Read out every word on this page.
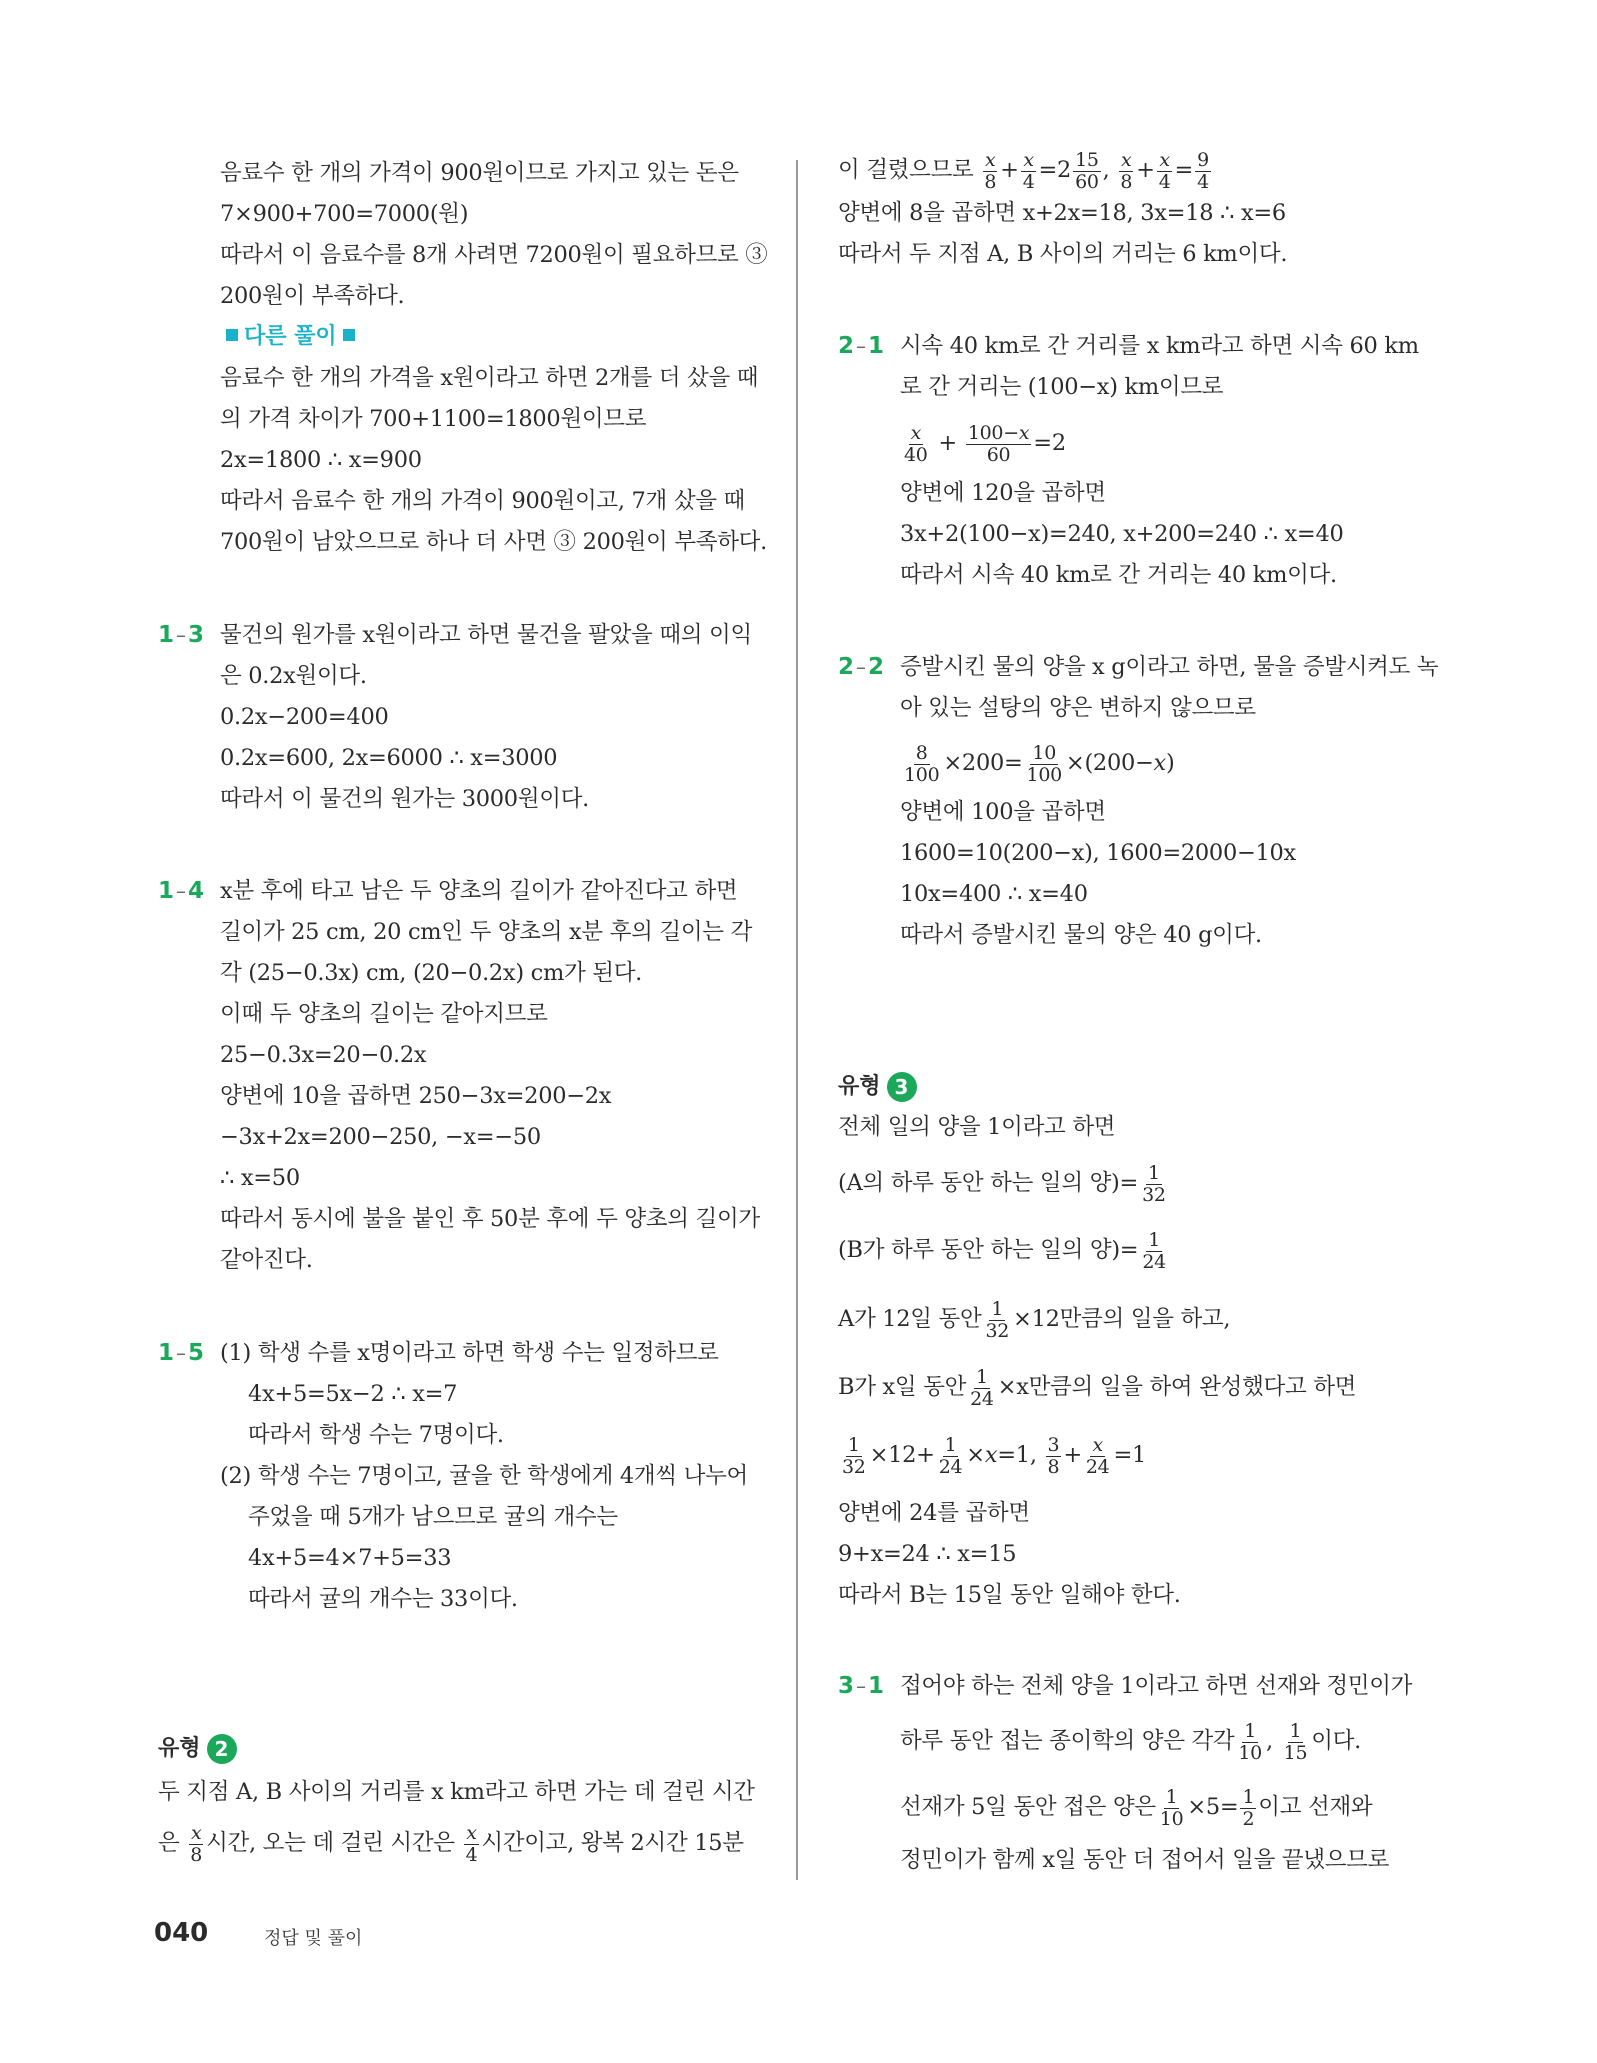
음료수 한 개의 가격이 900원이므로 가지고 있는 돈은
7×900+700=7000(원)
따라서 이 음료수를 8개 사려면 7200원이 필요하므로 ③
200원이 부족하다.
다른 풀이
음료수 한 개의 가격을 x원이라고 하면 2개를 더 샀을 때
의 가격 차이가 700+1100=1800원이므로
2x=1800 ∴ x=900
따라서 음료수 한 개의 가격이 900원이고, 7개 샀을 때
700원이 남았으므로 하나 더 사면 ③ 200원이 부족하다.
1 –3 물건의 원가를 x원이라고 하면 물건을 팔았을 때의 이익
은 0.2x원이다.
0.2x−200=400
0.2x=600, 2x=6000 ∴ x=3000
따라서 이 물건의 원가는 3000원이다.
1 –4 x분 후에 타고 남은 두 양초의 길이가 같아진다고 하면
길이가 25 cm, 20 cm인 두 양초의 x분 후의 길이는 각
각 (25−0.3x) cm, (20−0.2x) cm가 된다.
이때 두 양초의 길이는 같아지므로
25−0.3x=20−0.2x
양변에 10을 곱하면 250−3x=200−2x
−3x+2x=200−250, −x=−50
∴ x=50
따라서 동시에 불을 붙인 후 50분 후에 두 양초의 길이가
같아진다.
1 –5 (1) 학생 수를 x명이라고 하면 학생 수는 일정하므로
4x+5=5x−2 ∴ x=7
따라서 학생 수는 7명이다.
(2) 학생 수는 7명이고, 귤을 한 학생에게 4개씩 나누어
주었을 때 5개가 남으므로 귤의 개수는
4x+5=4×7+5=33
따라서 귤의 개수는 33이다.
유형 2
두 지점 A, B 사이의 거리를 x km라고 하면 가는 데 걸린 시간
은 $\frac{x}{8}$ 시간, 오는 데 걸린 시간은 $\frac{x}{4}$ 시간이고, 왕복 2시간 15분
이 걸렸으므로 $\frac{x}{8} + \frac{x}{4} =2 \frac{15}{60}$ , $\frac{x}{8} + \frac{x}{4} = \frac{9}{4}$
양변에 8을 곱하면 x+2x=18, 3x=18 ∴ x=6
따라서 두 지점 A, B 사이의 거리는 6 km이다.
2 –1 시속 40 km로 간 거리를 x km라고 하면 시속 60 km
로 간 거리는 (100−x) km이므로
$\frac{x}{40} + \frac{100-x}{60} =2$
양변에 120을 곱하면
3x+2(100−x)=240, x+200=240 ∴ x=40
따라서 시속 40 km로 간 거리는 40 km이다.
2 –2 증발시킨 물의 양을 x g이라고 하면, 물을 증발시켜도 녹
아 있는 설탕의 양은 변하지 않으므로
$\frac{8}{100} \times 200= \frac{10}{100} \times(200-x)$
양변에 100을 곱하면
1600=10(200−x), 1600=2000−10x
10x=400 ∴ x=40
따라서 증발시킨 물의 양은 40 g이다.
유형 3
전체 일의 양을 1이라고 하면
(A의 하루 동안 하는 일의 양)= $\frac{1}{32}$
(B가 하루 동안 하는 일의 양)= $\frac{1}{24}$
A가 12일 동안 $\frac{1}{32} \times 12$만큼의 일을 하고,
B가 x일 동안 $\frac{1}{24} \times x$만큼의 일을 하여 완성했다고 하면
$\frac{1}{32} \times 12+ \frac{1}{24} \times x=1$, $\frac{3}{8} + \frac{x}{24} =1$
양변에 24를 곱하면
9+x=24 ∴ x=15
따라서 B는 15일 동안 일해야 한다.
3 –1 접어야 하는 전체 양을 1이라고 하면 선재와 정민이가
하루 동안 접는 종이학의 양은 각각 $\frac{1}{10}$ , $\frac{1}{15}$ 이다.
선재가 5일 동안 접은 양은 $\frac{1}{10} \times 5= \frac{1}{2}$ 이고 선재와
정민이가 함께 x일 동안 더 접어서 일을 끝냈으므로
040	정답 및 풀이
